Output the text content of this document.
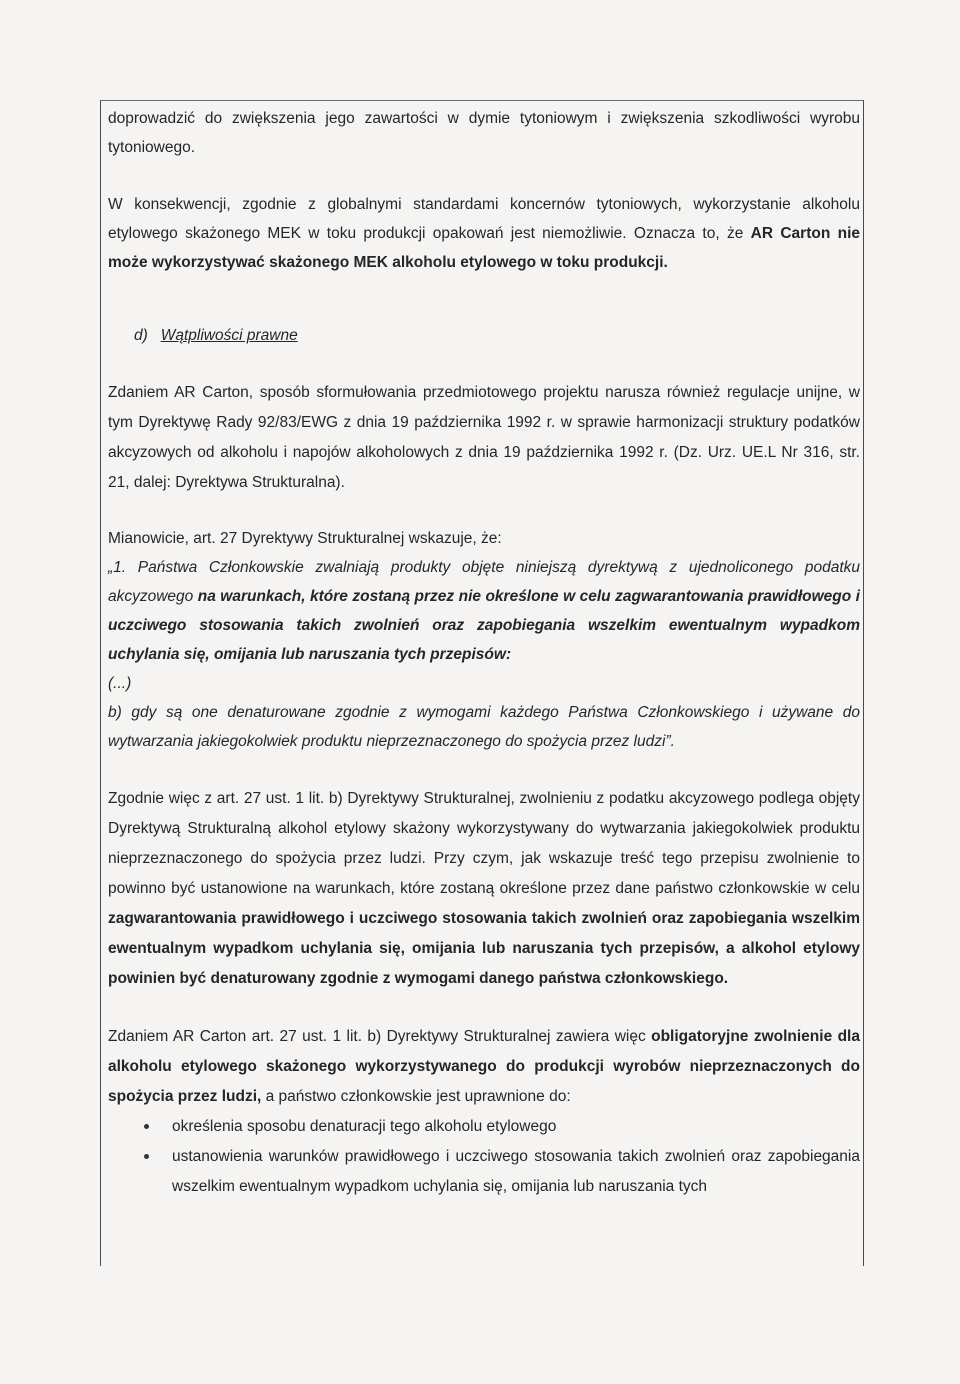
doprowadzić do zwiększenia jego zawartości w dymie tytoniowym i zwiększenia szkodliwości wyrobu tytoniowego.

W konsekwencji, zgodnie z globalnymi standardami koncernów tytoniowych, wykorzystanie alkoholu etylowego skażonego MEK w toku produkcji opakowań jest niemożliwie. Oznacza to, że AR Carton nie może wykorzystywać skażonego MEK alkoholu etylowego w toku produkcji.

d) Wątpliwości prawne

Zdaniem AR Carton, sposób sformułowania przedmiotowego projektu narusza również regulacje unijne, w tym Dyrektywę Rady 92/83/EWG z dnia 19 października 1992 r. w sprawie harmonizacji struktury podatków akcyzowych od alkoholu i napojów alkoholowych z dnia 19 października 1992 r. (Dz. Urz. UE.L Nr 316, str. 21, dalej: Dyrektywa Strukturalna).

Mianowicie, art. 27 Dyrektywy Strukturalnej wskazuje, że:

„1. Państwa Członkowskie zwalniają produkty objęte niniejszą dyrektywą z ujednoliconego podatku akcyzowego na warunkach, które zostaną przez nie określone w celu zagwarantowania prawidłowego i uczciwego stosowania takich zwolnień oraz zapobiegania wszelkim ewentualnym wypadkom uchylania się, omijania lub naruszania tych przepisów:

(...)

b) gdy są one denaturowane zgodnie z wymogami każdego Państwa Członkowskiego i używane do wytwarzania jakiegokolwiek produktu nieprzeznaczonego do spożycia przez ludzi”.

Zgodnie więc z art. 27 ust. 1 lit. b) Dyrektywy Strukturalnej, zwolnieniu z podatku akcyzowego podlega objęty Dyrektywą Strukturalną alkohol etylowy skażony wykorzystywany do wytwarzania jakiegokolwiek produktu nieprzeznaczonego do spożycia przez ludzi. Przy czym, jak wskazuje treść tego przepisu zwolnienie to powinno być ustanowione na warunkach, które zostaną określone przez dane państwo członkowskie w celu zagwarantowania prawidłowego i uczciwego stosowania takich zwolnień oraz zapobiegania wszelkim ewentualnym wypadkom uchylania się, omijania lub naruszania tych przepisów, a alkohol etylowy powinien być denaturowany zgodnie z wymogami danego państwa członkowskiego.

Zdaniem AR Carton art. 27 ust. 1 lit. b) Dyrektywy Strukturalnej zawiera więc obligatoryjne zwolnienie dla alkoholu etylowego skażonego wykorzystywanego do produkcji wyrobów nieprzeznaczonych do spożycia przez ludzi, a państwo członkowskie jest uprawnione do:

określenia sposobu denaturacji tego alkoholu etylowego
ustanowienia warunków prawidłowego i uczciwego stosowania takich zwolnień oraz zapobiegania wszelkim ewentualnym wypadkom uchylania się, omijania lub naruszania tych
